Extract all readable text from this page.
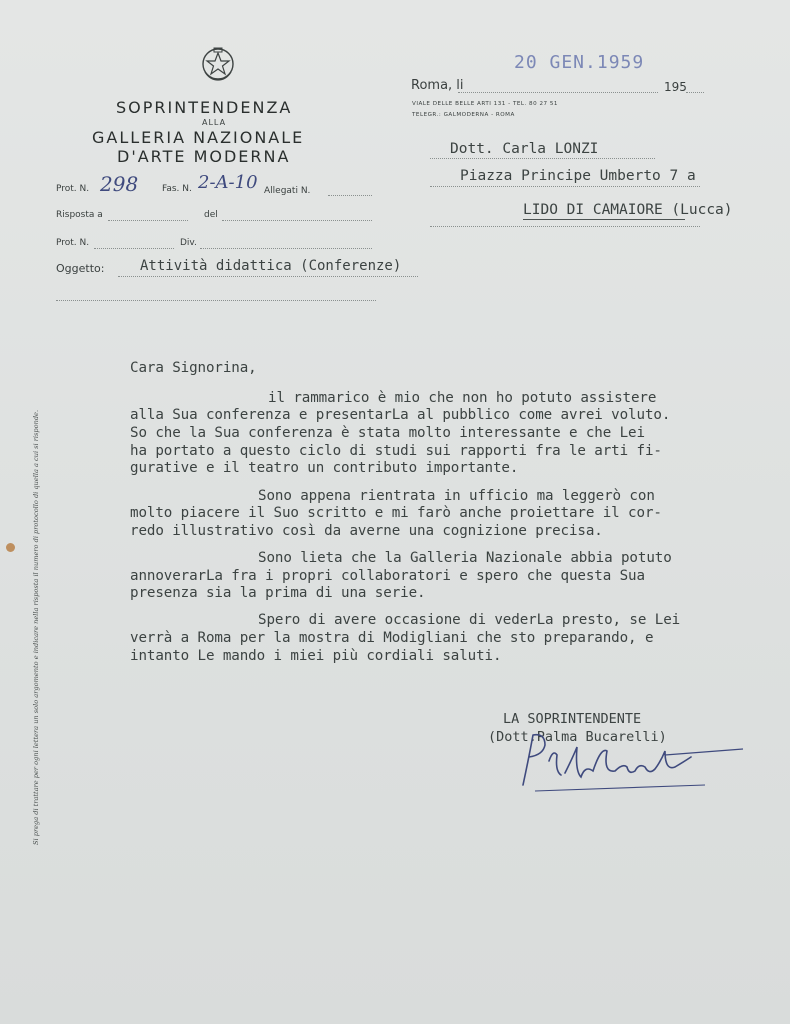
SOPRINTENDENZA
ALLA
GALLERIA NAZIONALE
D'ARTE MODERNA
Prot. N. 298	Fas. N. 2-A-10 Allegati N.
Risposta a	del
Prot. N.	Div.
Oggetto:	Attività didattica (Conferenze)
Roma, li
20 GEN.1959
195
VIALE DELLE BELLE ARTI 131 - TEL. 80 27 51
TELEGR.: GALMODERNA - ROMA
Dott. Carla LONZI
Piazza Principe Umberto 7 a
LIDO DI CAMAIORE (Lucca)
Si prega di trattare per ogni lettera un solo argomento e indicare nella risposta il numero di protocollo di quella a cui si risponde.
Cara Signorina,
il rammarico è mio che non ho potuto assistere
alla Sua conferenza e presentarLa al pubblico come avrei voluto.
So che la Sua conferenza è stata molto interessante e che Lei
ha portato a questo ciclo di studi sui rapporti fra le arti fi-
gurative e il teatro un contributo importante.
Sono appena rientrata in ufficio ma leggerò con
molto piacere il Suo scritto e mi farò anche proiettare il cor-
redo illustrativo così da averne una cognizione precisa.
Sono lieta che la Galleria Nazionale abbia potuto
annoverarLa fra i propri collaboratori e spero che questa Sua
presenza sia la prima di una serie.
Spero di avere occasione di vederLa presto, se Lei
verrà a Roma per la mostra di Modigliani che sto preparando, e
intanto Le mando i miei più cordiali saluti.
LA SOPRINTENDENTE
(Dott.Palma Bucarelli)
